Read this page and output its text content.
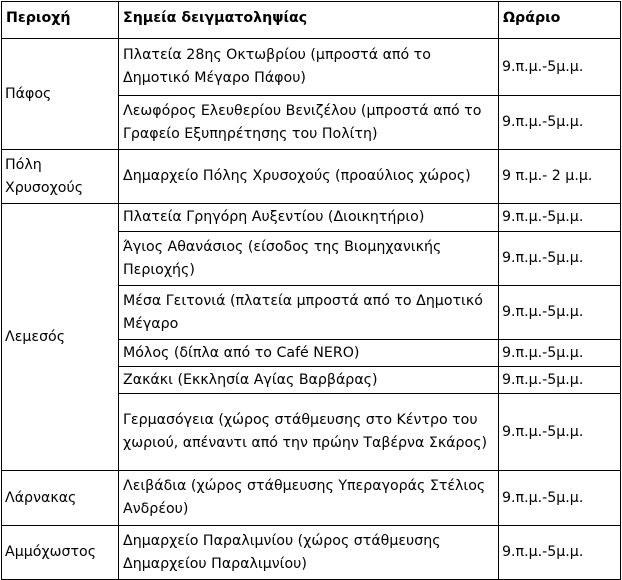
Περιοχή	Σημεία δειγματοληψίας	Ωράριο
Πάφος	Πλατεία 28ης Οκτωβρίου (μπροστά από το Δημοτικό Μέγαρο Πάφου)	9.π.μ.-5μ.μ.
	Λεωφόρος Ελευθερίου Βενιζέλου (μπροστά από το Γραφείο Εξυπηρέτησης του Πολίτη)	9.π.μ.-5μ.μ.
Πόλη Χρυσοχούς	Δημαρχείο Πόλης Χρυσοχούς (προαύλιος χώρος)	9 π.μ.- 2 μ.μ.
Λεμεσός	Πλατεία Γρηγόρη Αυξεντίου (Διοικητήριο)	9.π.μ.-5μ.μ.
	Άγιος Αθανάσιος (είσοδος της Βιομηχανικής Περιοχής)	9.π.μ.-5μ.μ.
	Μέσα Γειτονιά (πλατεία μπροστά από το Δημοτικό Μέγαρο	9.π.μ.-5μ.μ.
	Μόλος (δίπλα από το Café NERO)	9.π.μ.-5μ.μ.
	Ζακάκι (Εκκλησία Αγίας Βαρβάρας)	9.π.μ.-5μ.μ.
	Γερμασόγεια (χώρος στάθμευσης στο Κέντρο του χωριού, απέναντι από την πρώην Ταβέρνα Σκάρος)	9.π.μ.-5μ.μ.
Λάρνακας	Λειβάδια (χώρος στάθμευσης Υπεραγοράς Στέλιος Ανδρέου)	9.π.μ.-5μ.μ.
Αμμόχωστος	Δημαρχείο Παραλιμνίου (χώρος στάθμευσης Δημαρχείου Παραλιμνίου)	9.π.μ.-5μ.μ.
